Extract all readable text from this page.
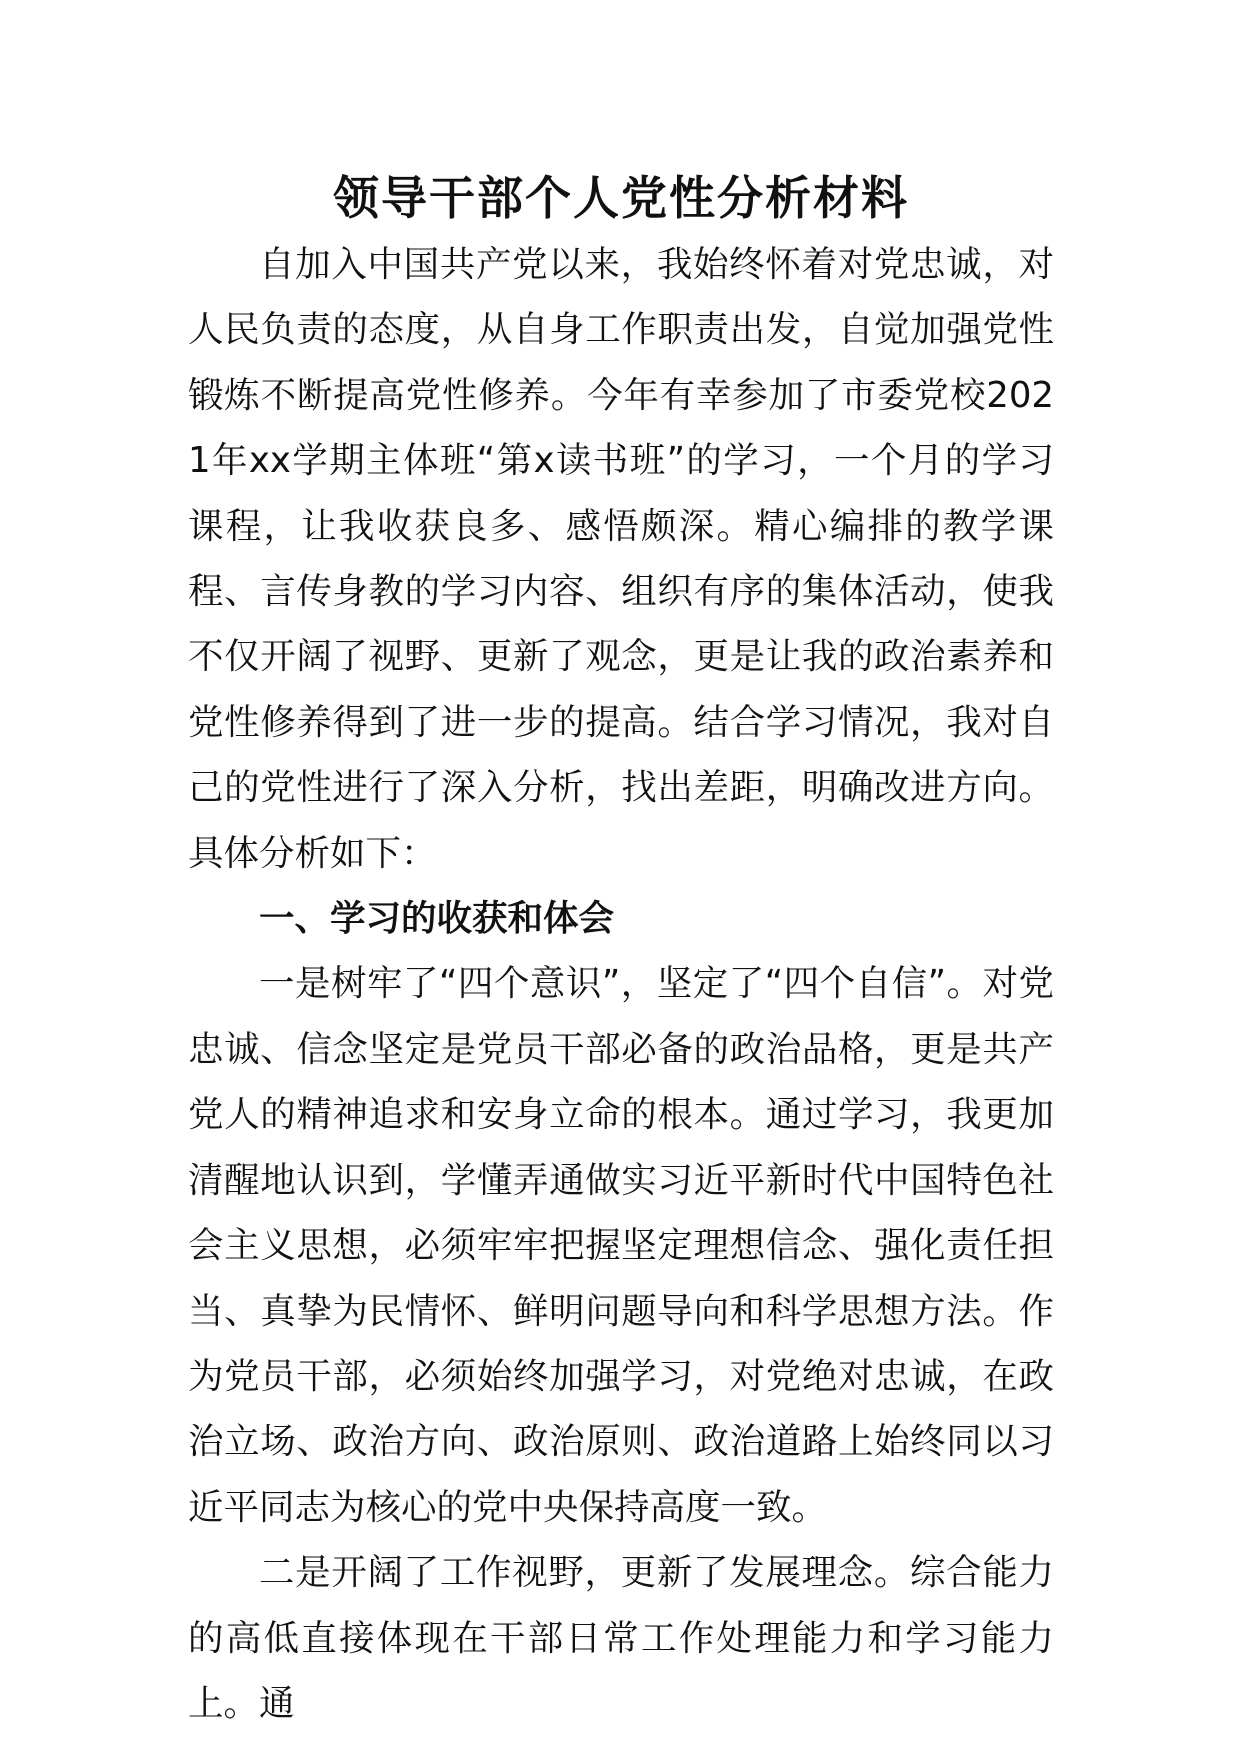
领导干部个人党性分析材料

自加入中国共产党以来，我始终怀着对党忠诚，对人民负责的态度，从自身工作职责出发，自觉加强党性锻炼不断提高党性修养。今年有幸参加了市委党校2021年xx学期主体班“第x读书班”的学习，一个月的学习课程，让我收获良多、感悟颇深。精心编排的教学课程、言传身教的学习内容、组织有序的集体活动，使我不仅开阔了视野、更新了观念，更是让我的政治素养和党性修养得到了进一步的提高。结合学习情况，我对自己的党性进行了深入分析，找出差距，明确改进方向。具体分析如下：

一、学习的收获和体会

一是树牢了“四个意识”，坚定了“四个自信”。对党忠诚、信念坚定是党员干部必备的政治品格，更是共产党人的精神追求和安身立命的根本。通过学习，我更加清醒地认识到，学懂弄通做实习近平新时代中国特色社会主义思想，必须牢牢把握坚定理想信念、强化责任担当、真挚为民情怀、鲜明问题导向和科学思想方法。作为党员干部，必须始终加强学习，对党绝对忠诚，在政治立场、政治方向、政治原则、政治道路上始终同以习近平同志为核心的党中央保持高度一致。

二是开阔了工作视野，更新了发展理念。综合能力的高低直接体现在干部日常工作处理能力和学习能力上。通
